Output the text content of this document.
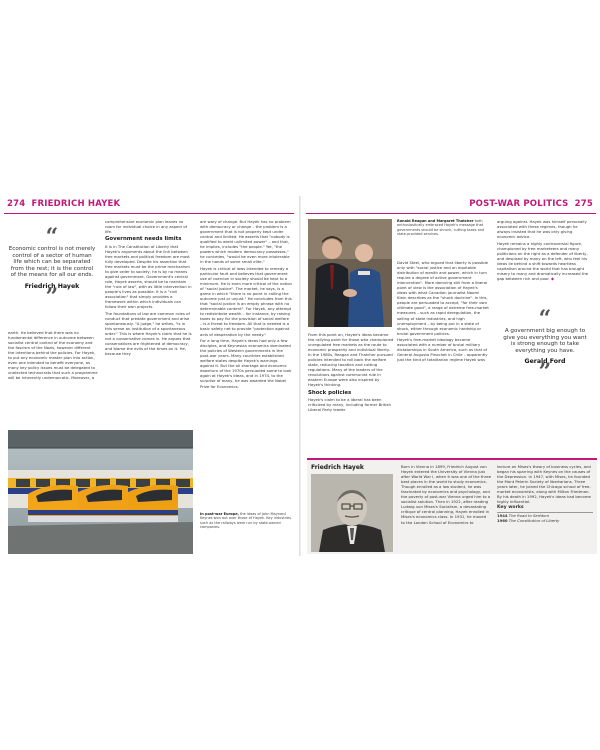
274 FRIEDRICH HAYEK	POST-WAR POLITICS 275
“
Economic control is not merely control of a sector of human life which can be separated from the rest; it is the control of the means for all our ends.
Friedrich Hayek
”

earth. He believed that there was no fundamental difference in outcome between socialist central control of the economy and the fascism of the Nazis, however different the intentions behind the policies. For Hayek, to put any economic master plan into action, even one intended to benefit everyone, as many key policy issues must be delegated to unelected technocrats that such a programme will be inherently undemocratic. Moreover, a

comprehensive economic plan leaves no room for individual choice in any aspect of life.

Government needs limits

It is in The Constitution of Liberty that Hayek's arguments about the link between free markets and political freedom are most fully developed. Despite his assertion that free markets must be the prime mechanism to give order to society, he is by no means against government. Government's central role, Hayek asserts, should be to maintain the "rule of law", with as little intervention in people's lives as possible. It is a "civil association" that simply provides a framework within which individuals can follow their own projects.

The foundations of law are common rules of conduct that predate government and arise spontaneously. "A judge," he writes, "is in this sense an institution of a spontaneous order." This is where Hayek's claim that he is not a conservative comes in. He argues that conservatives are frightened of democracy, and blame the evils of the times on it. He, because they

are wary of change. But Hayek has no problem with democracy or change – the problem is a government that is not properly kept under control and limited. He asserts that "nobody is qualified to wield unlimited power" – and that, he implies, includes "the people." Yet, "the powers which modern democracy possesses," he concedes, "would be even more intolerable in the hands of some small elite."

Hayek is critical of laws intended to remedy a particular fault and believes that government use of coercion in society should be kept to a minimum. He is even more critical of the notion of "social justice". The market, he says, is a game in which "there is no point in calling the outcome just or unjust." He concludes from this that "social justice is an empty phrase with no determinable content". For Hayek, any attempt to redistribute wealth – for instance, by raising taxes to pay for the provision of social welfare – is a threat to freedom. All that is needed is a basic safety net to provide "protection against acts of desperation by the needy."

For a long time, Hayek's ideas had only a few disciples, and Keynesian economics dominated the policies of Western governments in the post-war years. Many countries established welfare states despite Hayek's warnings against it. But the oil shortage and economic downturn of the 1970s persuaded some to look again at Hayek's ideas, and in 1974, to the surprise of many, he was awarded the Nobel Prize for Economics.

In post-war Europe, the ideas of John Maynard Keynes won out over those of Hayek. Key industries such as the railways were run by state-owned companies.
Ronald Reagan and Margaret Thatcher both enthusiastically embraced Hayek's message that governments should be shrunk, cutting taxes and state-provided services.

From this point on, Hayek's ideas became the rallying point for those who championed unregulated free markets as the route to economic prosperity and individual liberty. In the 1980s, Reagan and Thatcher pursued policies intended to roll back the welfare state, reducing taxation and cutting regulations. Many of the leaders of the revolutions against communist rule in eastern Europe were also inspired by Hayek's thinking.

Shock policies

Hayek's claim to be a liberal has been criticized by many, including former British Liberal Party leader

David Steel, who argued that liberty is possible only with "social justice and an equitable distribution of wealth and power, which in turn require a degree of active government intervention". More damning still from a liberal point of view is the association of Hayek's ideas with what Canadian journalist Naomi Klein describes as the "shock doctrine". In this, people are persuaded to accept, "for their own ultimate good", a range of extreme free-market measures – such as rapid deregulation, the selling of state industries, and high unemployment – by being put in a state of shock, either through economic hardship or brutal government policies.

Hayek's free-market ideology became associated with a number of brutal military dictatorships in South America, such as that of General Augusto Pinochet in Chile – apparently just the kind of totalitarian regime Hayek was

arguing against. Hayek was himself personally associated with these regimes, though he always insisted that he was only giving economic advice.

Hayek remains a highly controversial figure, championed by free marketeers and many politicians on the right as a defender of liberty, and despised by many on the left, who feel his ideas lie behind a shift towards heartless capitalism around the world that has brought misery to many and dramatically increased the gap between rich and poor. ◆

“
A government big enough to give you everything you want is strong enough to take everything you have.
Gerald Ford
”
Friedrich Hayek	Born in Vienna in 1899, Friedrich August von Hayek entered the University of Vienna just after World War I, when it was one of the three best places in the world to study economics. Though enrolled as a law student, he was fascinated by economics and psychology, and the poverty of post-war Vienna urged him to a socialist solution. Then in 1922, after reading Ludwig von Mises's Socialism, a devastating critique of central planning, Hayek enrolled in Mises's economics class. In 1931, he moved to the London School of Economics to

lecture on Mises's theory of business cycles, and began his sparring with Keynes on the causes of the Depression. In 1947, with Mises, he founded the Mont Pelerin Society of libertarians. Three years later, he joined the Chicago school of free-market economists, along with Milton Friedman. By his death in 1992, Hayek's ideas had become highly influential.

Key works
1944 The Road to Serfdom
1960 The Constitution of Liberty
